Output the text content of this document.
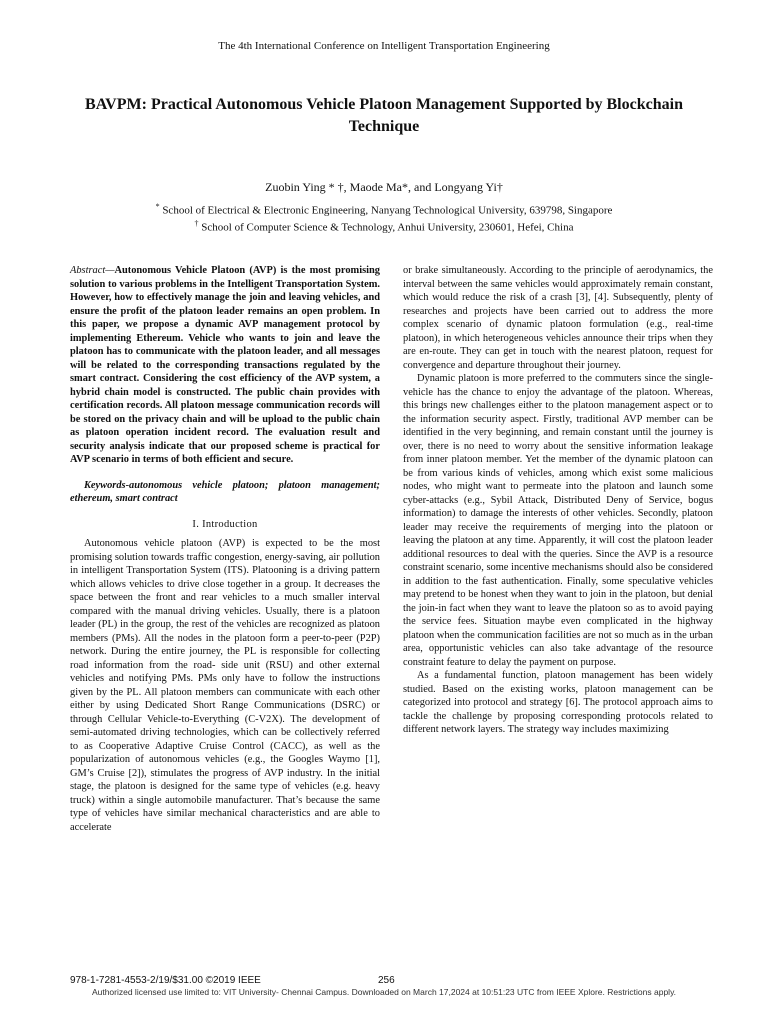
The 4th International Conference on Intelligent Transportation Engineering
BAVPM: Practical Autonomous Vehicle Platoon Management Supported by Blockchain Technique
Zuobin Ying * †, Maode Ma*, and Longyang Yi†
* School of Electrical & Electronic Engineering, Nanyang Technological University, 639798, Singapore
† School of Computer Science & Technology, Anhui University, 230601, Hefei, China

Abstract—Autonomous Vehicle Platoon (AVP) is the most promising solution to various problems in the Intelligent Transportation System. However, how to effectively manage the join and leaving vehicles, and ensure the profit of the platoon leader remains an open problem. In this paper, we propose a dynamic AVP management protocol by implementing Ethereum. Vehicle who wants to join and leave the platoon has to communicate with the platoon leader, and all messages will be related to the corresponding transactions regulated by the smart contract. Considering the cost efficiency of the AVP system, a hybrid chain model is constructed. The public chain provides with certification records. All platoon message communication records will be stored on the privacy chain and will be upload to the public chain as platoon operation incident record. The evaluation result and security analysis indicate that our proposed scheme is practical for AVP scenario in terms of both efficient and secure.

Keywords-autonomous vehicle platoon; platoon management; ethereum, smart contract

I. Introduction

Autonomous vehicle platoon (AVP) is expected to be the most promising solution towards traffic congestion, energy-saving, air pollution in intelligent Transportation System (ITS). Platooning is a driving pattern which allows vehicles to drive close together in a group. It decreases the space between the front and rear vehicles to a much smaller interval compared with the manual driving vehicles. Usually, there is a platoon leader (PL) in the group, the rest of the vehicles are recognized as platoon members (PMs). All the nodes in the platoon form a peer-to-peer (P2P) network. During the entire journey, the PL is responsible for collecting road information from the road- side unit (RSU) and other external vehicles and notifying PMs. PMs only have to follow the instructions given by the PL. All platoon members can communicate with each other either by using Dedicated Short Range Communications (DSRC) or through Cellular Vehicle-to-Everything (C-V2X). The development of semi-automated driving technologies, which can be collectively referred to as Cooperative Adaptive Cruise Control (CACC), as well as the popularization of autonomous vehicles (e.g., the Googles Waymo [1], GM’s Cruise [2]), stimulates the progress of AVP industry. In the initial stage, the platoon is designed for the same type of vehicles (e.g. heavy truck) within a single automobile manufacturer. That’s because the same type of vehicles have similar mechanical characteristics and are able to accelerate

or brake simultaneously. According to the principle of aerodynamics, the interval between the same vehicles would approximately remain constant, which would reduce the risk of a crash [3], [4]. Subsequently, plenty of researches and projects have been carried out to address the more complex scenario of dynamic platoon formulation (e.g., real-time platoon), in which heterogeneous vehicles announce their trips when they are en-route. They can get in touch with the nearest platoon, request for convergence and departure throughout their journey.

Dynamic platoon is more preferred to the commuters since the single-vehicle has the chance to enjoy the advantage of the platoon. Whereas, this brings new challenges either to the platoon management aspect or to the information security aspect. Firstly, traditional AVP member can be identified in the very beginning, and remain constant until the journey is over, there is no need to worry about the sensitive information leakage from inner platoon member. Yet the member of the dynamic platoon can be from various kinds of vehicles, among which exist some malicious nodes, who might want to permeate into the platoon and launch some cyber-attacks (e.g., Sybil Attack, Distributed Deny of Service, bogus information) to damage the interests of other vehicles. Secondly, platoon leader may receive the requirements of merging into the platoon or leaving the platoon at any time. Apparently, it will cost the platoon leader additional resources to deal with the queries. Since the AVP is a resource constraint scenario, some incentive mechanisms should also be considered in addition to the fast authentication. Finally, some speculative vehicles may pretend to be honest when they want to join in the platoon, but denial the join-in fact when they want to leave the platoon so as to avoid paying the service fees. Situation maybe even complicated in the highway platoon when the communication facilities are not so much as in the urban area, opportunistic vehicles can also take advantage of the resource constraint feature to delay the payment on purpose.

As a fundamental function, platoon management has been widely studied. Based on the existing works, platoon management can be categorized into protocol and strategy [6]. The protocol approach aims to tackle the challenge by proposing corresponding protocols related to different network layers. The strategy way includes maximizing

978-1-7281-4553-2/19/$31.00 ©2019 IEEE	256
Authorized licensed use limited to: VIT University- Chennai Campus. Downloaded on March 17,2024 at 10:51:23 UTC from IEEE Xplore. Restrictions apply.
